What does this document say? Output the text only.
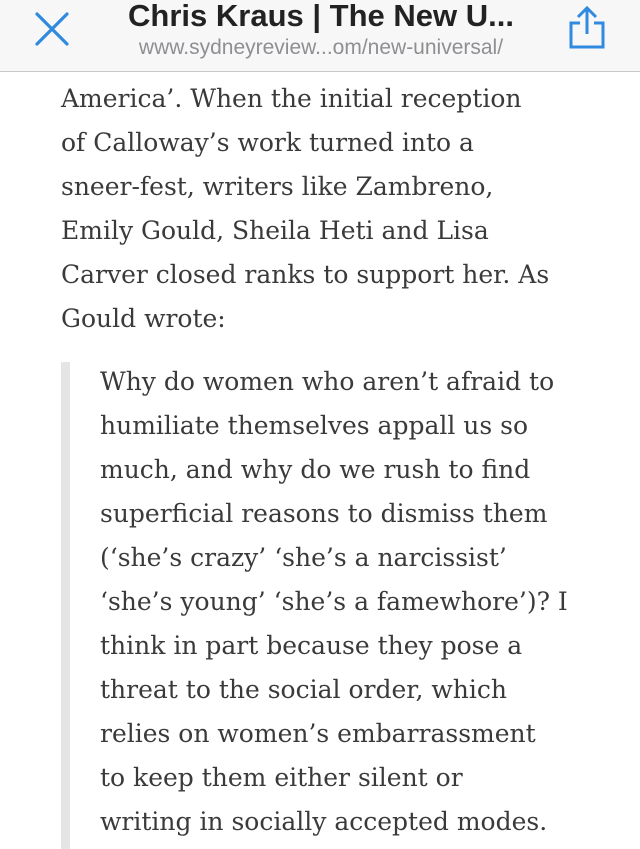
Chris Kraus | The New U...
www.sydneyreview...om/new-universal/

America’. When the initial reception
of Calloway’s work turned into a
sneer-fest, writers like Zambreno,
Emily Gould, Sheila Heti and Lisa
Carver closed ranks to support her. As
Gould wrote:

Why do women who aren’t afraid to
humiliate themselves appall us so
much, and why do we rush to find
superficial reasons to dismiss them
(‘she’s crazy’ ‘she’s a narcissist’
‘she’s young’ ‘she’s a famewhore’)? I
think in part because they pose a
threat to the social order, which
relies on women’s embarrassment
to keep them either silent or
writing in socially accepted modes.
